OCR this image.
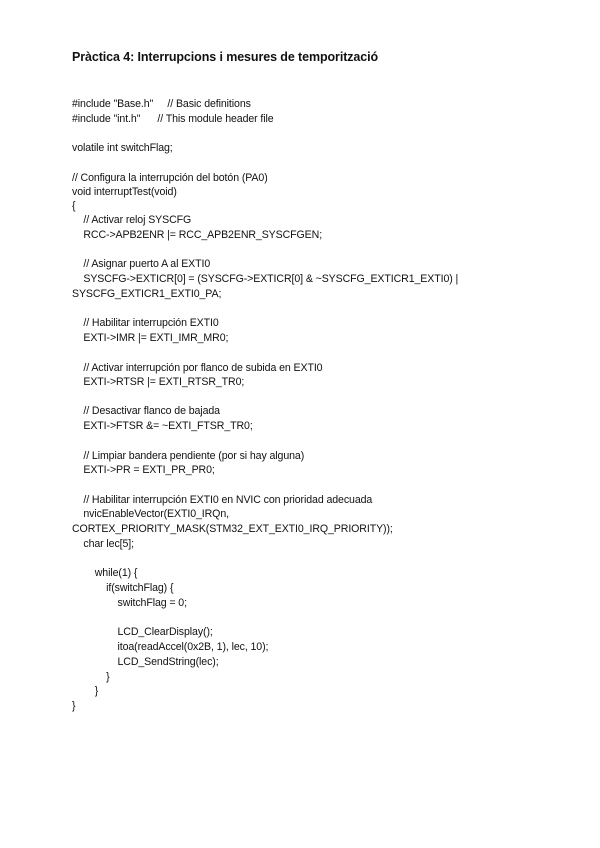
Pràctica 4: Interrupcions i mesures de temporització
#include "Base.h"     // Basic definitions
#include "int.h"      // This module header file
volatile int switchFlag;
// Configura la interrupción del botón (PA0)
void interruptTest(void)
{
// Activar reloj SYSCFG
RCC->APB2ENR |= RCC_APB2ENR_SYSCFGEN;
// Asignar puerto A al EXTI0
SYSCFG->EXTICR[0] = (SYSCFG->EXTICR[0] & ~SYSCFG_EXTICR1_EXTI0) |
SYSCFG_EXTICR1_EXTI0_PA;
// Habilitar interrupción EXTI0
EXTI->IMR |= EXTI_IMR_MR0;
// Activar interrupción por flanco de subida en EXTI0
EXTI->RTSR |= EXTI_RTSR_TR0;
// Desactivar flanco de bajada
EXTI->FTSR &= ~EXTI_FTSR_TR0;
// Limpiar bandera pendiente (por si hay alguna)
EXTI->PR = EXTI_PR_PR0;
// Habilitar interrupción EXTI0 en NVIC con prioridad adecuada
nvicEnableVector(EXTI0_IRQn,
CORTEX_PRIORITY_MASK(STM32_EXT_EXTI0_IRQ_PRIORITY));
char lec[5];
while(1) {
if(switchFlag) {
switchFlag = 0;
LCD_ClearDisplay();
itoa(readAccel(0x2B, 1), lec, 10);
LCD_SendString(lec);
}
}
}
